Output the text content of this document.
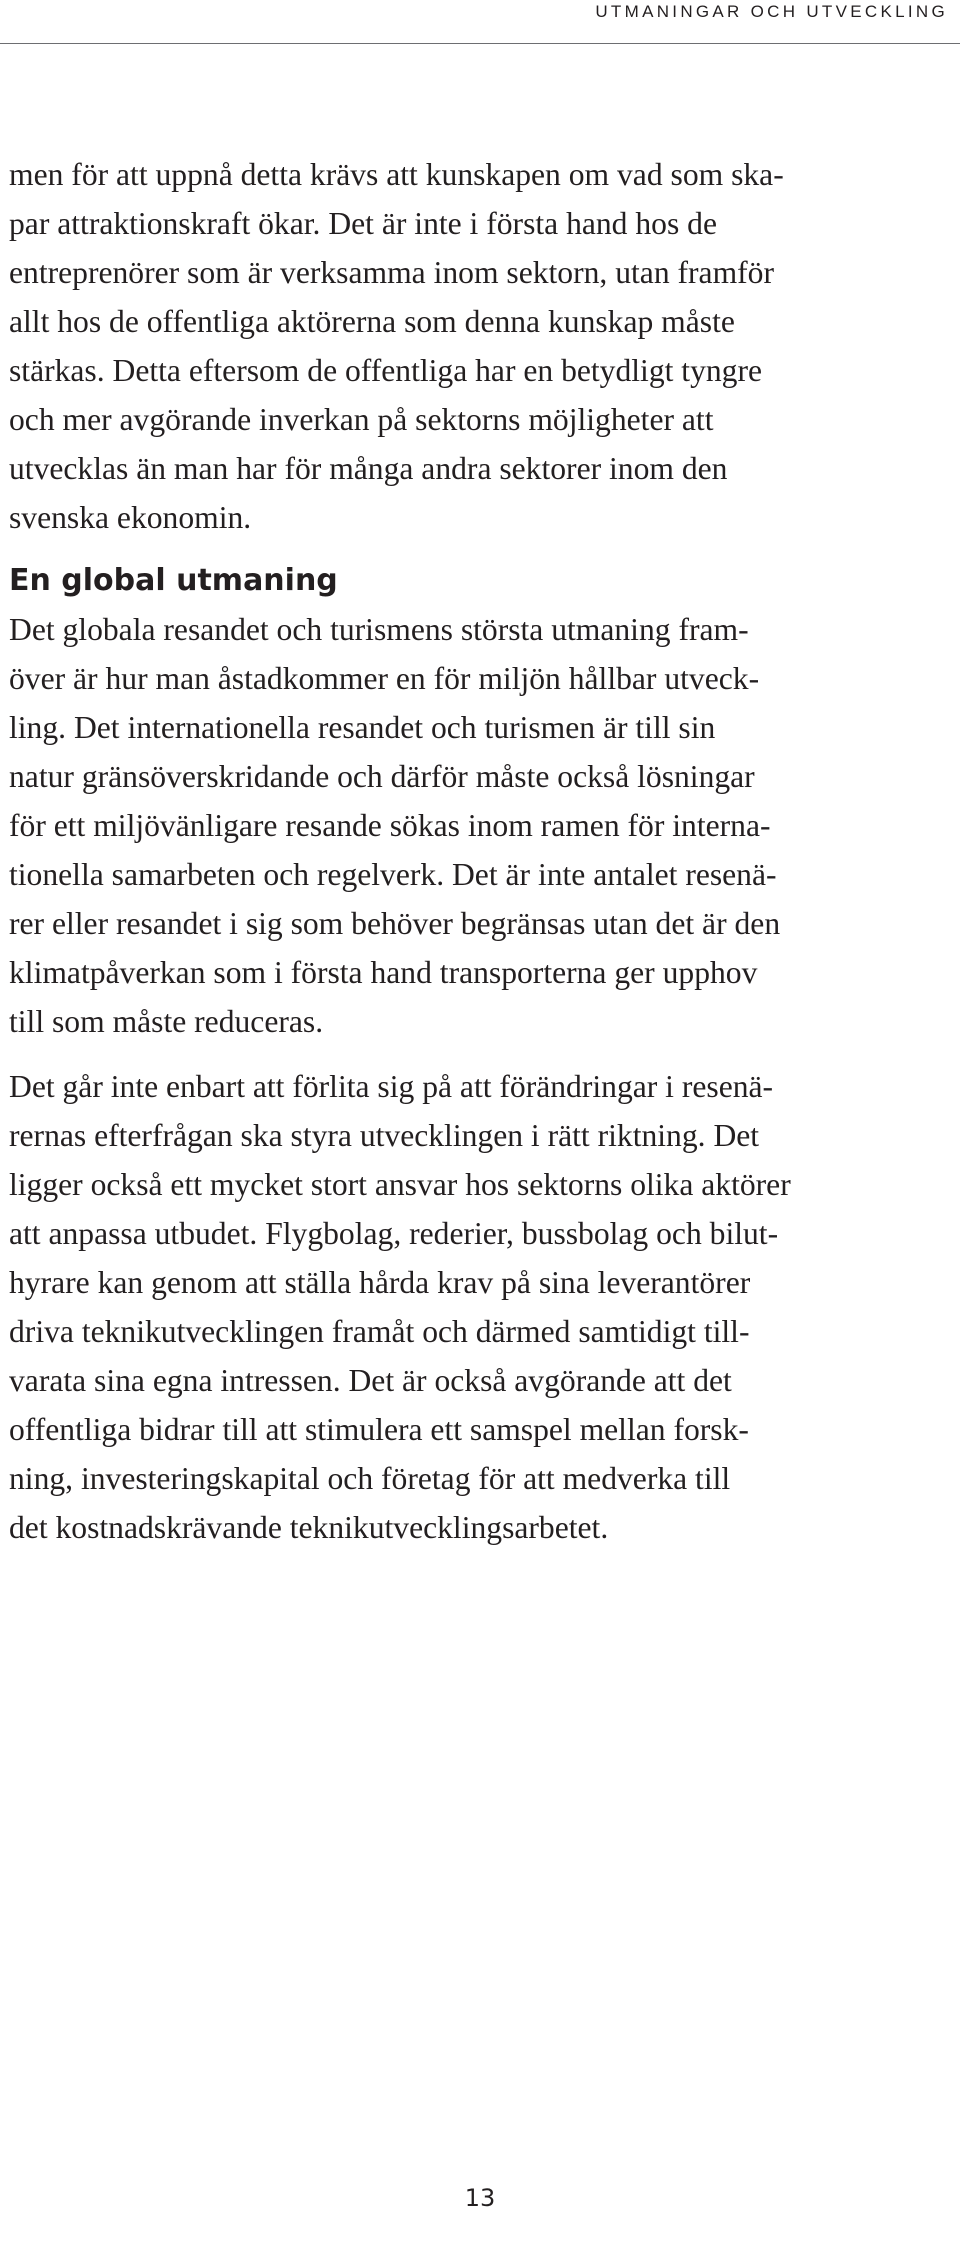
UTMANINGAR OCH UTVECKLING

men för att uppnå detta krävs att kunskapen om vad som ska-
par attraktionskraft ökar. Det är inte i första hand hos de
entreprenörer som är verksamma inom sektorn, utan framför
allt hos de offentliga aktörerna som denna kunskap måste
stärkas. Detta eftersom de offentliga har en betydligt tyngre
och mer avgörande inverkan på sektorns möjligheter att
utvecklas än man har för många andra sektorer inom den
svenska ekonomin.

En global utmaning

Det globala resandet och turismens största utmaning fram-
över är hur man åstadkommer en för miljön hållbar utveck-
ling. Det internationella resandet och turismen är till sin
natur gränsöverskridande och därför måste också lösningar
för ett miljövänligare resande sökas inom ramen för interna-
tionella samarbeten och regelverk. Det är inte antalet resenä-
rer eller resandet i sig som behöver begränsas utan det är den
klimatpåverkan som i första hand transporterna ger upphov
till som måste reduceras.

Det går inte enbart att förlita sig på att förändringar i resenä-
rernas efterfrågan ska styra utvecklingen i rätt riktning. Det
ligger också ett mycket stort ansvar hos sektorns olika aktörer
att anpassa utbudet. Flygbolag, rederier, bussbolag och bilut-
hyrare kan genom att ställa hårda krav på sina leverantörer
driva teknikutvecklingen framåt och därmed samtidigt till-
varata sina egna intressen. Det är också avgörande att det
offentliga bidrar till att stimulera ett samspel mellan forsk-
ning, investeringskapital och företag för att medverka till
det kostnadskrävande teknikutvecklingsarbetet.

13
